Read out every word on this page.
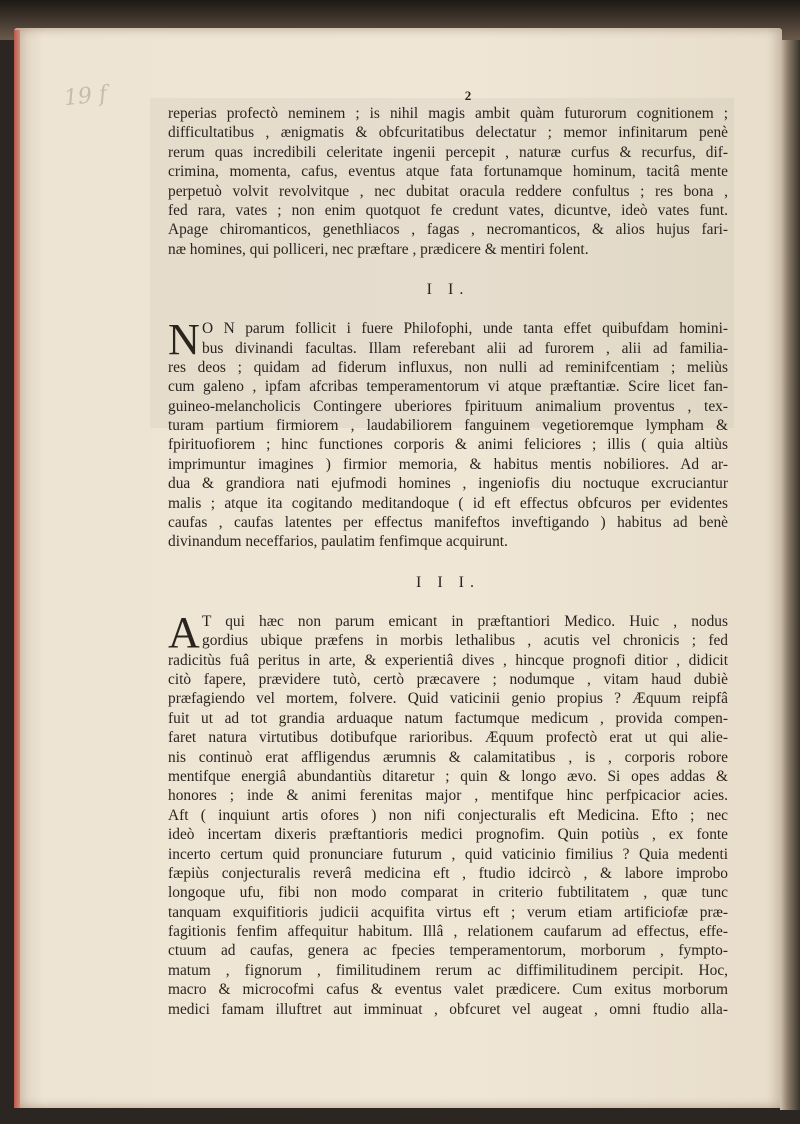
19 f	2
reperias profectò neminem ; is nihil magis ambit quàm futurorum cognitionem ;
difficultatibus , ænigmatis & obfcuritatibus delectatur ; memor infinitarum penè
rerum quas incredibili celeritate ingenii percepit , naturæ curfus & recurfus, dif-
crimina, momenta, cafus, eventus atque fata fortunamque hominum, tacitâ mente
perpetuò volvit revolvitque , nec dubitat oracula reddere confultus ; res bona ,
fed rara, vates ; non enim quotquot fe credunt vates, dicuntve, ideò vates funt.
Apage chiromanticos, genethliacos , fagas , necromanticos, & alios hujus fari-
næ homines, qui polliceri, nec præftare , prædicere & mentiri folent.
I I.
N O N parum follicit i fuere Philofophi, unde tanta effet quibufdam homini-
bus divinandi facultas. Illam referebant alii ad furorem , alii ad familia-
res deos ; quidam ad fiderum influxus, non nulli ad reminifcentiam ; meliùs
cum galeno , ipfam afcribas temperamentorum vi atque præftantiæ. Scire licet fan-
guineo-melancholicis Contingere uberiores fpirituum animalium proventus , tex-
turam partium firmiorem , laudabiliorem fanguinem vegetioremque lympham &
fpirituofiorem ; hinc functiones corporis & animi feliciores ; illis ( quia altiùs
imprimuntur imagines ) firmior memoria, & habitus mentis nobiliores. Ad ar-
dua & grandiora nati ejufmodi homines , ingeniofis diu noctuque excruciantur
malis ; atque ita cogitando meditandoque ( id eft effectus obfcuros per evidentes
caufas , caufas latentes per effectus manifeftos inveftigando ) habitus ad benè
divinandum neceffarios, paulatim fenfimque acquirunt.
I I I.
A T qui hæc non parum emicant in præftantiori Medico. Huic , nodus
gordius ubique præfens in morbis lethalibus , acutis vel chronicis ; fed
radicitùs fuâ peritus in arte, & experientiâ dives , hincque prognofi ditior , didicit
citò fapere, prævidere tutò, certò præcavere ; nodumque , vitam haud dubiè
præfagiendo vel mortem, folvere. Quid vaticinii genio propius ? Æquum reipfâ
fuit ut ad tot grandia arduaque natum factumque medicum , provida compen-
faret natura virtutibus dotibufque rarioribus. Æquum profectò erat ut qui alie-
nis continuò erat affligendus ærumnis & calamitatibus , is , corporis robore
mentifque energiâ abundantiùs ditaretur ; quin & longo ævo. Si opes addas &
honores ; inde & animi ferenitas major , mentifque hinc perfpicacior acies.
Aft ( inquiunt artis ofores ) non nifi conjecturalis eft Medicina. Efto ; nec
ideò incertam dixeris præftantioris medici prognofim. Quin potiùs , ex fonte
incerto certum quid pronunciare futurum , quid vaticinio fimilius ? Quia medenti
fæpiùs conjecturalis reverâ medicina eft , ftudio idcircò , & labore improbo
longoque ufu, fibi non modo comparat in criterio fubtilitatem , quæ tunc
tanquam exquifitioris judicii acquifita virtus eft ; verum etiam artificiofæ præ-
fagitionis fenfim affequitur habitum. Illâ , relationem caufarum ad effectus, effe-
ctuum ad caufas, genera ac fpecies temperamentorum, morborum , fympto-
matum , fignorum , fimilitudinem rerum ac diffimilitudinem percipit. Hoc,
macro & microcofmi cafus & eventus valet prædicere. Cum exitus morborum
medici famam illuftret aut imminuat , obfcuret vel augeat , omni ftudio alla-
